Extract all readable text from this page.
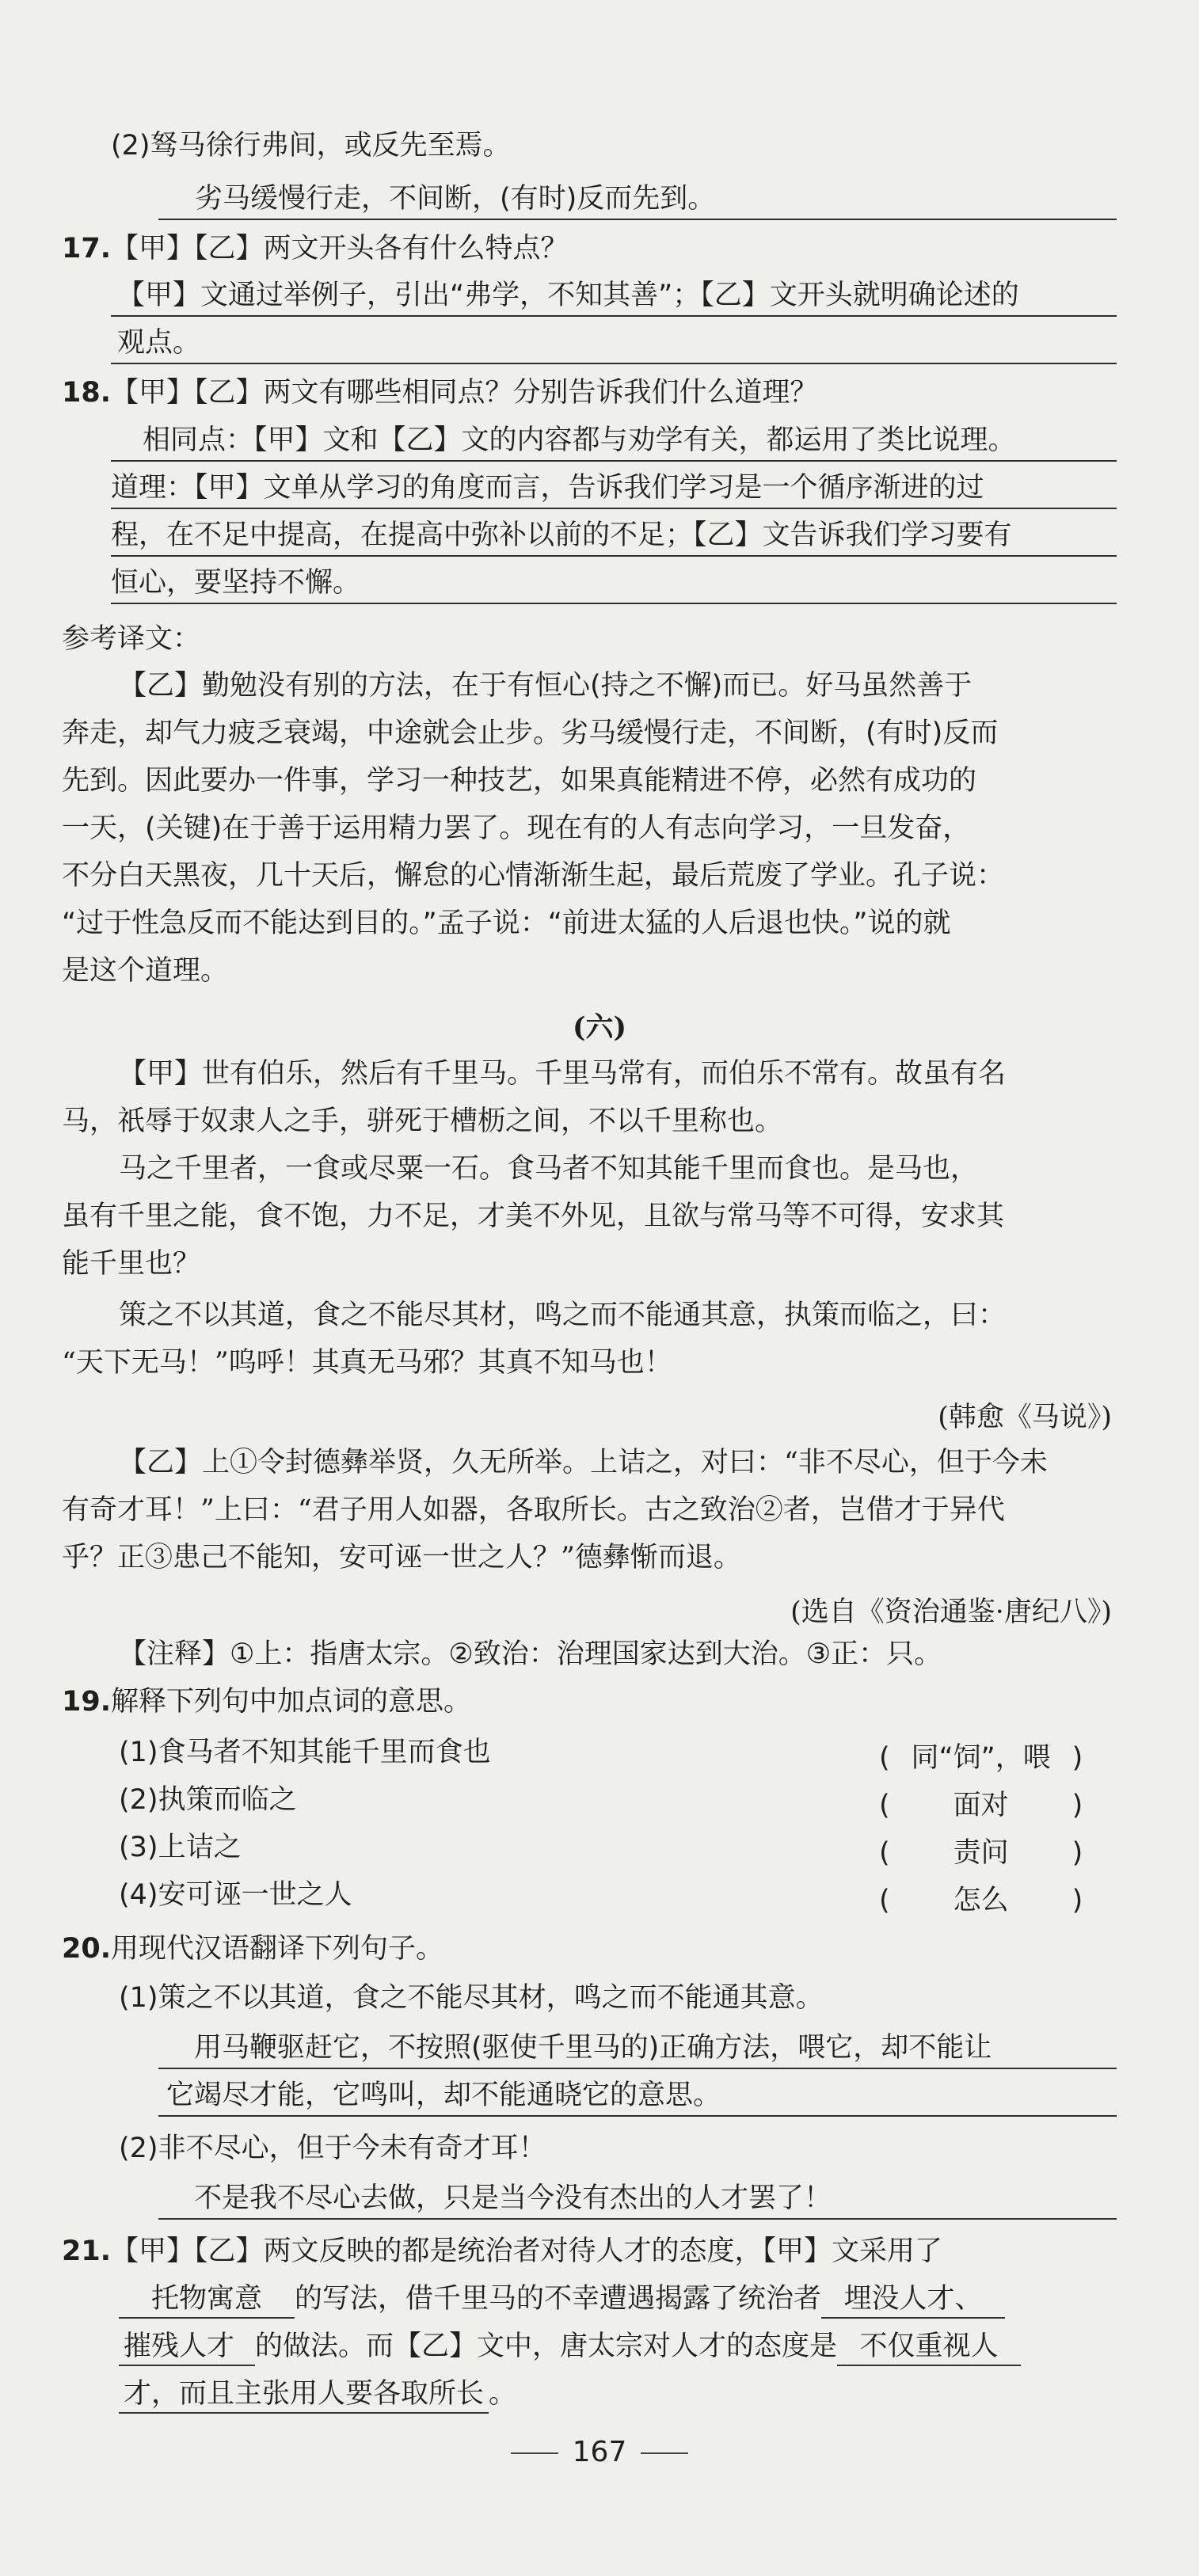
(2)驽马徐行弗间，或反先至焉。
劣马缓慢行走，不间断，(有时)反而先到。
17.【甲】【乙】两文开头各有什么特点？
【甲】文通过举例子，引出“弗学，不知其善”；【乙】文开头就明确论述的
观点。
18.【甲】【乙】两文有哪些相同点？分别告诉我们什么道理？
相同点：【甲】文和【乙】文的内容都与劝学有关，都运用了类比说理。
道理：【甲】文单从学习的角度而言，告诉我们学习是一个循序渐进的过
程，在不足中提高，在提高中弥补以前的不足；【乙】文告诉我们学习要有
恒心，要坚持不懈。
参考译文：
【乙】勤勉没有别的方法，在于有恒心(持之不懈)而已。好马虽然善于
奔走，却气力疲乏衰竭，中途就会止步。劣马缓慢行走，不间断，(有时)反而
先到。因此要办一件事，学习一种技艺，如果真能精进不停，必然有成功的
一天，(关键)在于善于运用精力罢了。现在有的人有志向学习，一旦发奋，
不分白天黑夜，几十天后，懈怠的心情渐渐生起，最后荒废了学业。孔子说：
“过于性急反而不能达到目的。”孟子说：“前进太猛的人后退也快。”说的就
是这个道理。
(六)
【甲】世有伯乐，然后有千里马。千里马常有，而伯乐不常有。故虽有名
马，祇辱于奴隶人之手，骈死于槽枥之间，不以千里称也。
马之千里者，一食或尽粟一石。食马者不知其能千里而食也。是马也，
虽有千里之能，食不饱，力不足，才美不外见，且欲与常马等不可得，安求其
能千里也？
策之不以其道，食之不能尽其材，鸣之而不能通其意，执策而临之，曰：
“天下无马！”呜呼！其真无马邪？其真不知马也！
(韩愈《马说》)
【乙】上①令封德彝举贤，久无所举。上诘之，对曰：“非不尽心，但于今未
有奇才耳！”上曰：“君子用人如器，各取所长。古之致治②者，岂借才于异代
乎？正③患己不能知，安可诬一世之人？”德彝惭而退。
(选自《资治通鉴·唐纪八》)
【注释】①上：指唐太宗。②致治：治理国家达到大治。③正：只。
19.解释下列句中加点词的意思。
(1)食马者不知其能千里而食也	( 同“饲”，喂 )
(2)执策而临之	( 面对 )
(3)上诘之	( 责问 )
(4)安可诬一世之人	( 怎么 )
20.用现代汉语翻译下列句子。
(1)策之不以其道，食之不能尽其材，鸣之而不能通其意。
用马鞭驱赶它，不按照(驱使千里马的)正确方法，喂它，却不能让
它竭尽才能，它鸣叫，却不能通晓它的意思。
(2)非不尽心，但于今未有奇才耳！
不是我不尽心去做，只是当今没有杰出的人才罢了！
21.【甲】【乙】两文反映的都是统治者对待人才的态度，【甲】文采用了
托物寓意 的写法，借千里马的不幸遭遇揭露了统治者 埋没人才、
摧残人才 的做法。而【乙】文中，唐太宗对人才的态度是 不仅重视人
才，而且主张用人要各取所长 。
167
